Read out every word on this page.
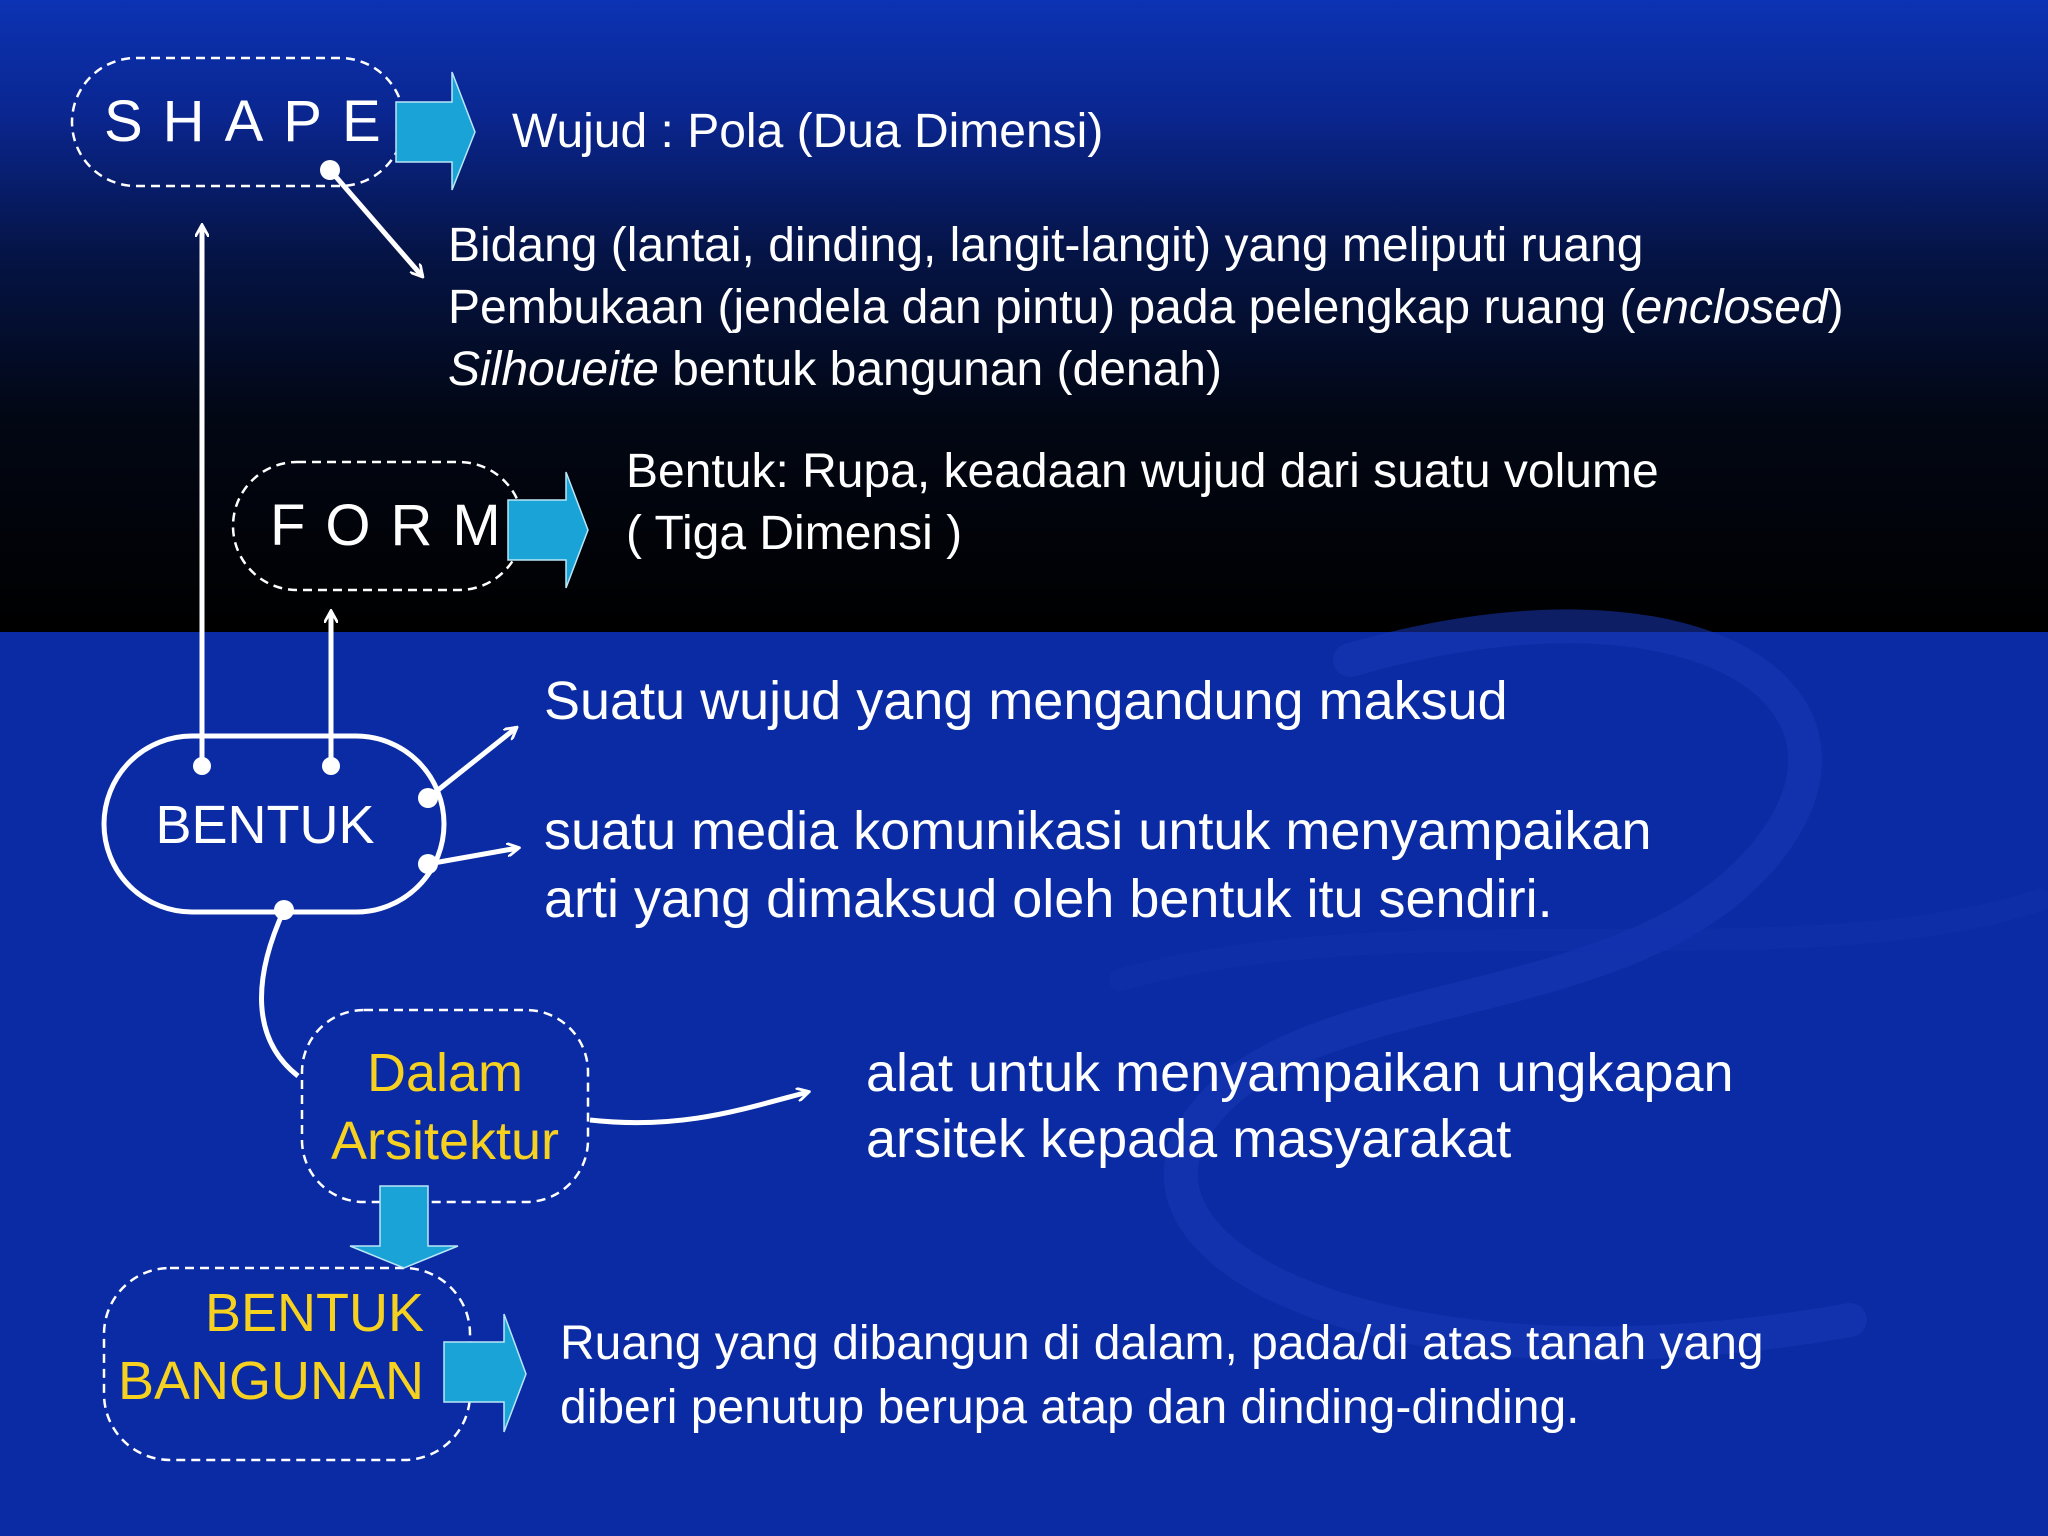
SHAPE Wujud : Pola (Dua Dimensi)
Bidang (lantai, dinding, langit-langit) yang meliputi ruang
Pembukaan (jendela dan pintu) pada pelengkap ruang (enclosed)
Silhoueite bentuk bangunan (denah)
FORM
Bentuk: Rupa, keadaan wujud dari suatu volume
( Tiga Dimensi )
BENTUK
Suatu wujud yang mengandung maksud
suatu media komunikasi untuk menyampaikan
arti yang dimaksud oleh bentuk itu sendiri.
Dalam
Arsitektur
alat untuk menyampaikan ungkapan
arsitek kepada masyarakat
BENTUK
BANGUNAN
Ruang yang dibangun di dalam, pada/di atas tanah yang
diberi penutup berupa atap dan dinding-dinding.
